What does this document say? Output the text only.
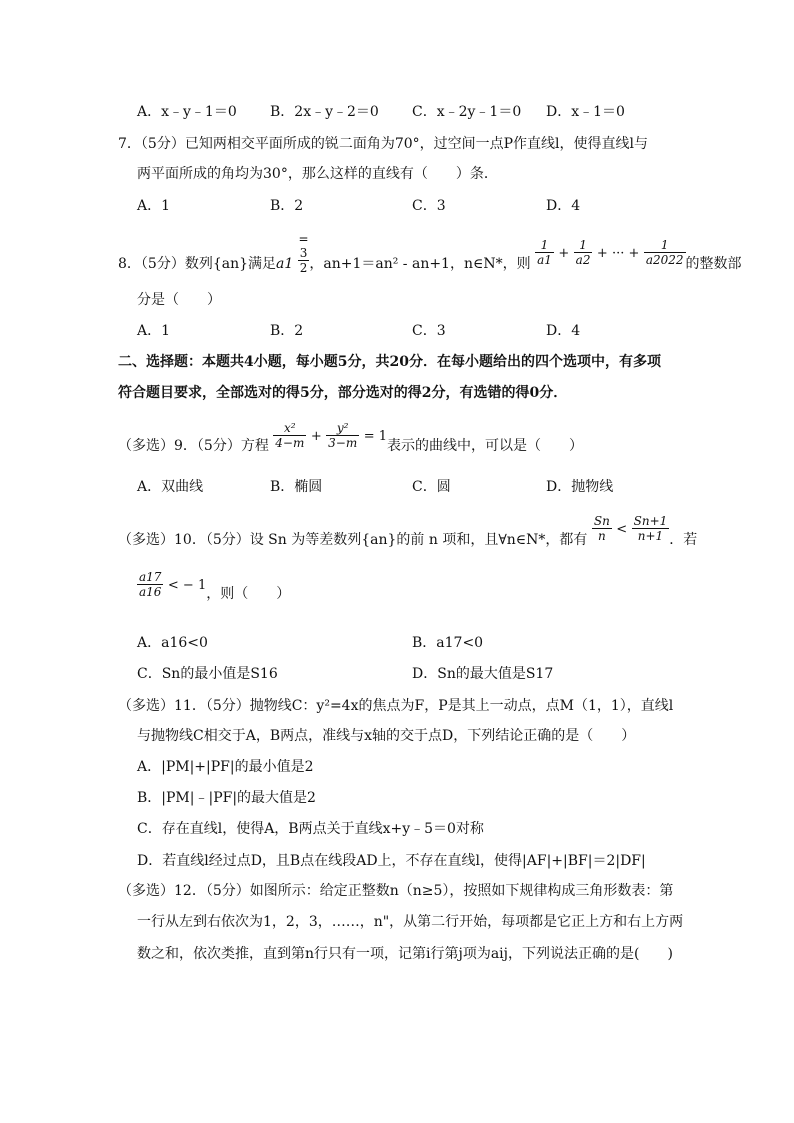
A．x﹣y﹣1＝0 B．2x﹣y﹣2＝0 C．x﹣2y﹣1＝0 D．x﹣1＝0
7．（5分）已知两相交平面所成的锐二面角为70°，过空间一点P作直线l，使得直线l与
两平面所成的角均为30°，那么这样的直线有（　　）条．
A．1	B．2	C．3	D．4
8．（5分）数列{an}满足a1
=
$\frac{3}{2}$ ，an+1＝an² - an+1，n∈N*，则 $\frac{1}{a1} + \frac{1}{a2}$ + ··· + $\frac{1}{a2022}$ 的整数部
分是（　　）
A．1	B．2	C．3	D．4
二、选择题：本题共4小题，每小题5分，共20分．在每小题给出的四个选项中，有多项
符合题目要求，全部选对的得5分，部分选对的得2分，有选错的得0分．
（多选）9．（5分）方程 $\frac{\text{x²}}{4-m} + \frac{\text{y²}}{3-m} = 1$表示的曲线中，可以是（　　）
A．双曲线	B．椭圆	C．圆	D．抛物线
（多选）10．（5分）设 Sn 为等差数列{an}的前 n 项和，且∀n∈N*，都有 $\frac{Sn}{n} < \frac{Sn+1}{n+1}$ ．若
$\frac{a17}{a16}$ < − 1，则（　　）
A．a16<0	B．a17<0
C．Sn的最小值是S16	D．Sn的最大值是S17
（多选）11．（5分）抛物线C：y²=4x的焦点为F，P是其上一动点，点M（1，1），直线l
与抛物线C相交于A，B两点，准线与x轴的交于点D，下列结论正确的是（　　）
A．|PM|+|PF|的最小值是2
B．|PM|﹣|PF|的最大值是2
C．存在直线l，使得A，B两点关于直线x+y﹣5＝0对称
D．若直线l经过点D，且B点在线段AD上，不存在直线l，使得|AF|+|BF|＝2|DF|
（多选）12．（5分）如图所示：给定正整数n（n≥5），按照如下规律构成三角形数表：第
一行从左到右依次为1，2，3，……，n"，从第二行开始，每项都是它正上方和右上方两
数之和，依次类推，直到第n行只有一项，记第i行第j项为aij，下列说法正确的是(　　)
